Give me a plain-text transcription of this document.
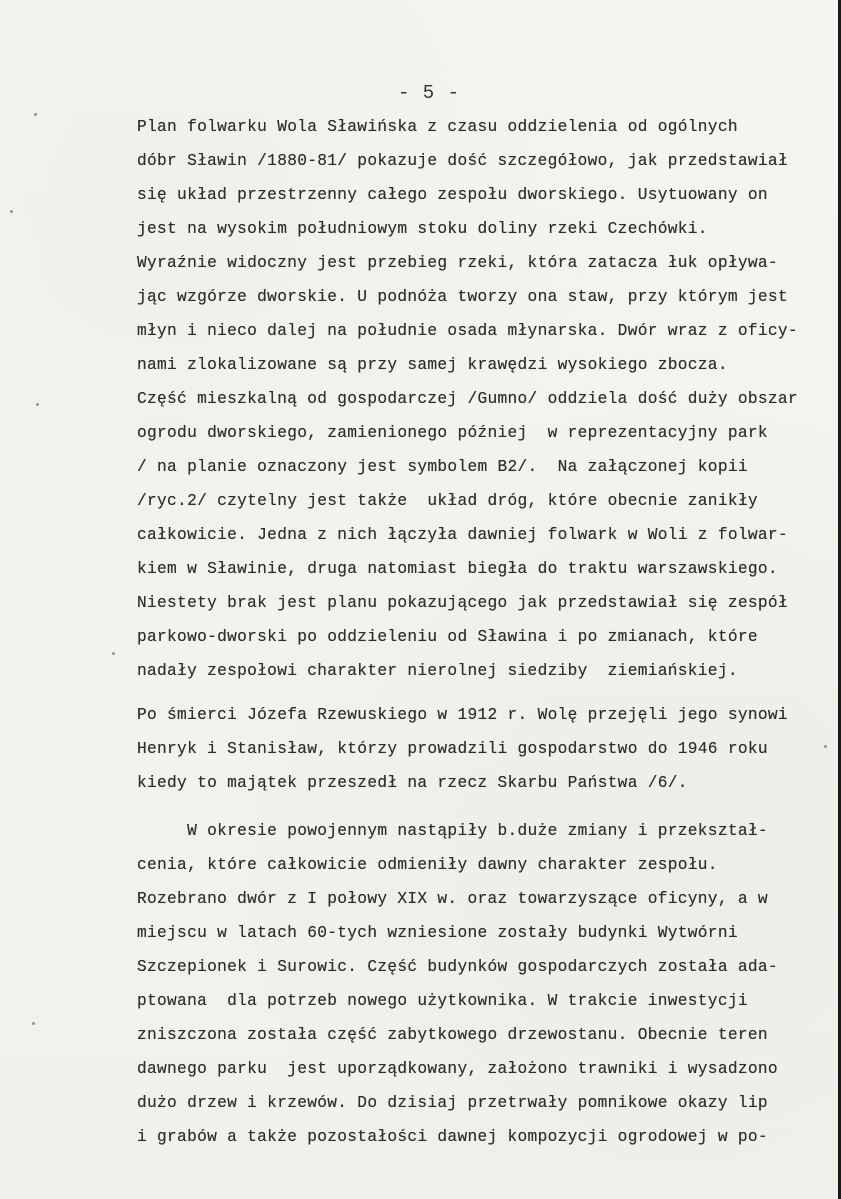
- 5 -
Plan folwarku Wola Sławińska z czasu oddzielenia od ogólnych
dóbr Sławin /1880-81/ pokazuje dość szczegółowo, jak przedstawiał
się układ przestrzenny całego zespołu dworskiego. Usytuowany on
jest na wysokim południowym stoku doliny rzeki Czechówki.
Wyraźnie widoczny jest przebieg rzeki, która zatacza łuk opływa-
jąc wzgórze dworskie. U podnóża tworzy ona staw, przy którym jest
młyn i nieco dalej na południe osada młynarska. Dwór wraz z oficy-
nami zlokalizowane są przy samej krawędzi wysokiego zbocza.
Część mieszkalną od gospodarczej /Gumno/ oddziela dość duży obszar
ogrodu dworskiego, zamienionego później  w reprezentacyjny park
/ na planie oznaczony jest symbolem B2/.  Na załączonej kopii
/ryc.2/ czytelny jest także  układ dróg, które obecnie zanikły
całkowicie. Jedna z nich łączyła dawniej folwark w Woli z folwar-
kiem w Sławinie, druga natomiast biegła do traktu warszawskiego.
Niestety brak jest planu pokazującego jak przedstawiał się zespół
parkowo-dworski po oddzieleniu od Sławina i po zmianach, które
nadały zespołowi charakter nierolnej siedziby  ziemiańskiej.
Po śmierci Józefa Rzewuskiego w 1912 r. Wolę przejęli jego synowi
Henryk i Stanisław, którzy prowadzili gospodarstwo do 1946 roku
kiedy to majątek przeszedł na rzecz Skarbu Państwa /6/.
W okresie powojennym nastąpiły b.duże zmiany i przekształ-
cenia, które całkowicie odmieniły dawny charakter zespołu.
Rozebrano dwór z I połowy XIX w. oraz towarzyszące oficyny, a w
miejscu w latach 60-tych wzniesione zostały budynki Wytwórni
Szczepionek i Surowic. Część budynków gospodarczych została ada-
ptowana  dla potrzeb nowego użytkownika. W trakcie inwestycji
zniszczona została część zabytkowego drzewostanu. Obecnie teren
dawnego parku  jest uporządkowany, założono trawniki i wysadzono
dużo drzew i krzewów. Do dzisiaj przetrwały pomnikowe okazy lip
i grabów a także pozostałości dawnej kompozycji ogrodowej w po-
